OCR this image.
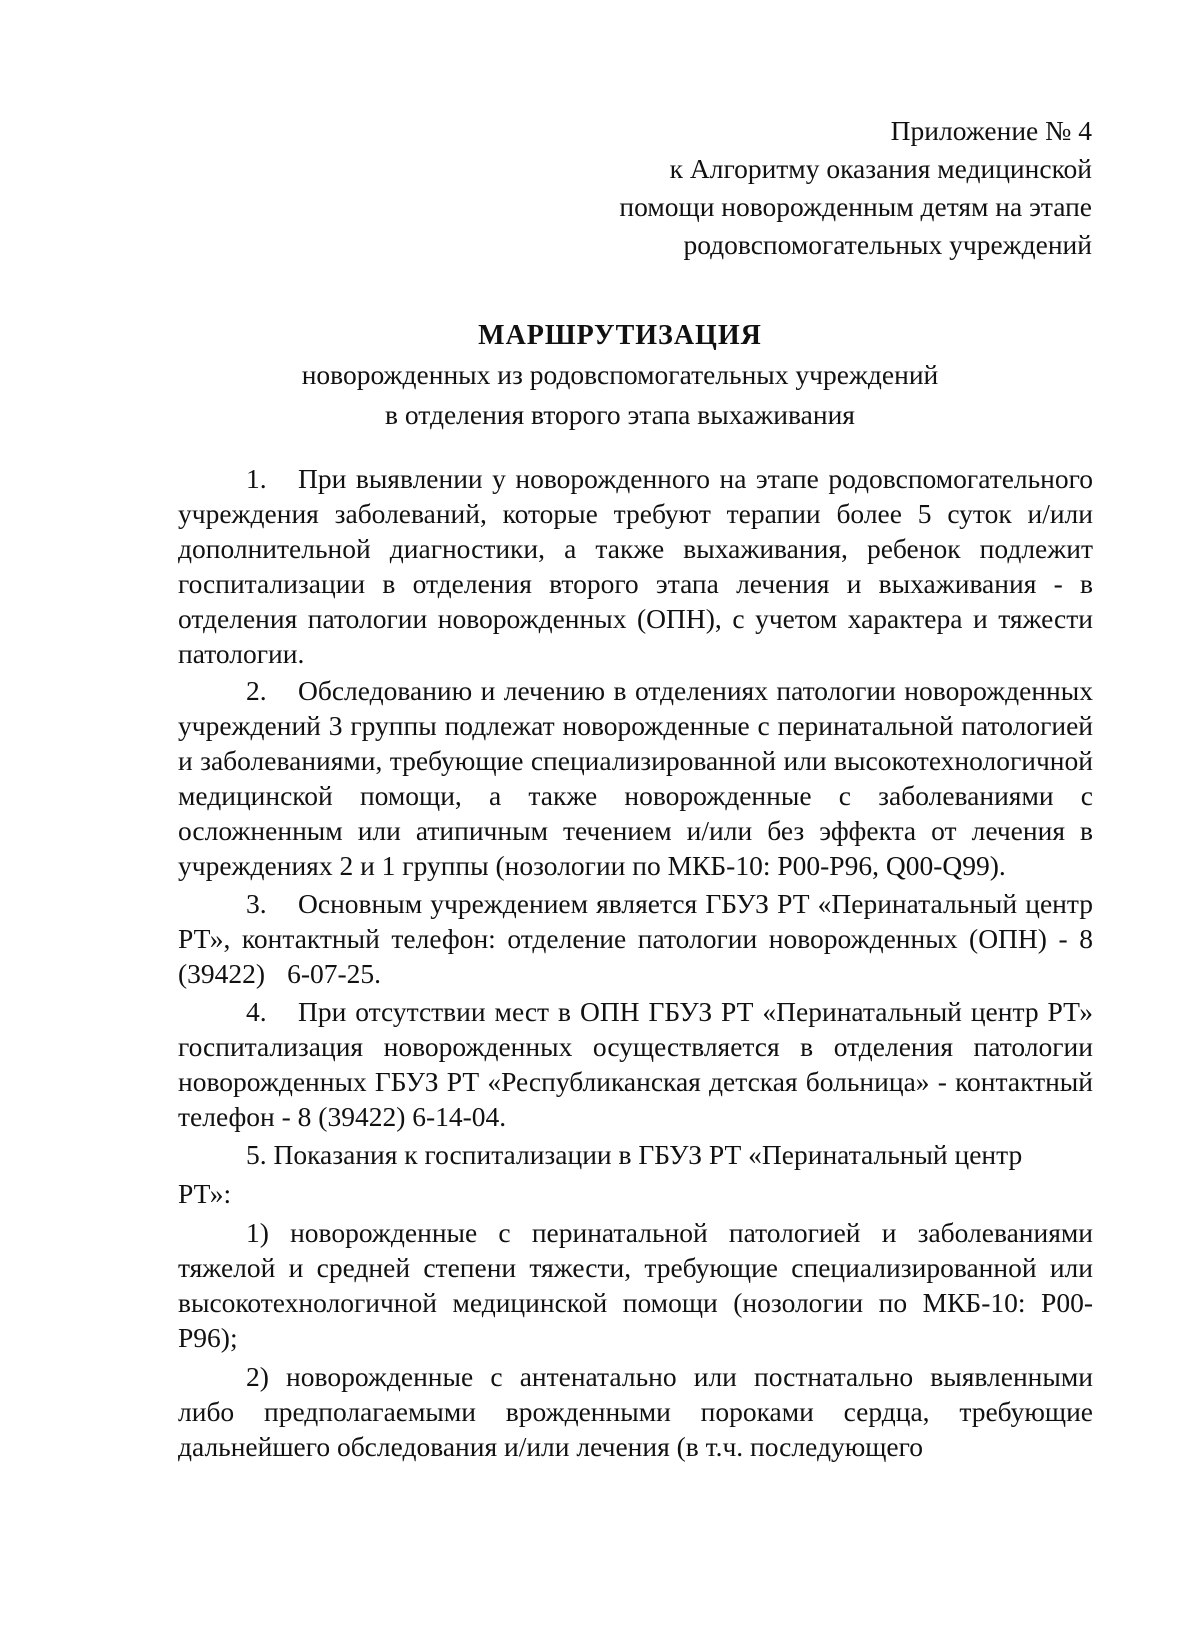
Приложение № 4
к Алгоритму оказания медицинской
помощи новорожденным детям на этапе
родовспомогательных учреждений
МАРШРУТИЗАЦИЯ
новорожденных из родовспомогательных учреждений
в отделения второго этапа выхаживания

1. При выявлении у новорожденного на этапе родовспомогательного учреждения заболеваний, которые требуют терапии более 5 суток и/или дополнительной диагностики, а также выхаживания, ребенок подлежит госпитализации в отделения второго этапа лечения и выхаживания - в отделения патологии новорожденных (ОПН), с учетом характера и тяжести патологии.

2. Обследованию и лечению в отделениях патологии новорожденных учреждений 3 группы подлежат новорожденные с перинатальной патологией и заболеваниями, требующие специализированной или высокотехнологичной медицинской помощи, а также новорожденные с заболеваниями с осложненным или атипичным течением и/или без эффекта от лечения в учреждениях 2 и 1 группы (нозологии по МКБ-10: Р00-Р96, Q00-Q99).

3. Основным учреждением является ГБУЗ РТ «Перинатальный центр РТ», контактный телефон: отделение патологии новорожденных (ОПН) - 8 (39422) 6-07-25.

4. При отсутствии мест в ОПН ГБУЗ РТ «Перинатальный центр РТ» госпитализация новорожденных осуществляется в отделения патологии новорожденных ГБУЗ РТ «Республиканская детская больница» - контактный телефон - 8 (39422) 6-14-04.

5. Показания к госпитализации в ГБУЗ РТ «Перинатальный центр

РТ»:

1) новорожденные с перинатальной патологией и заболеваниями тяжелой и средней степени тяжести, требующие специализированной или высокотехнологичной медицинской помощи (нозологии по МКБ-10: Р00-Р96);

2) новорожденные с антенатально или постнатально выявленными либо предполагаемыми врожденными пороками сердца, требующие дальнейшего обследования и/или лечения (в т.ч. последующего
